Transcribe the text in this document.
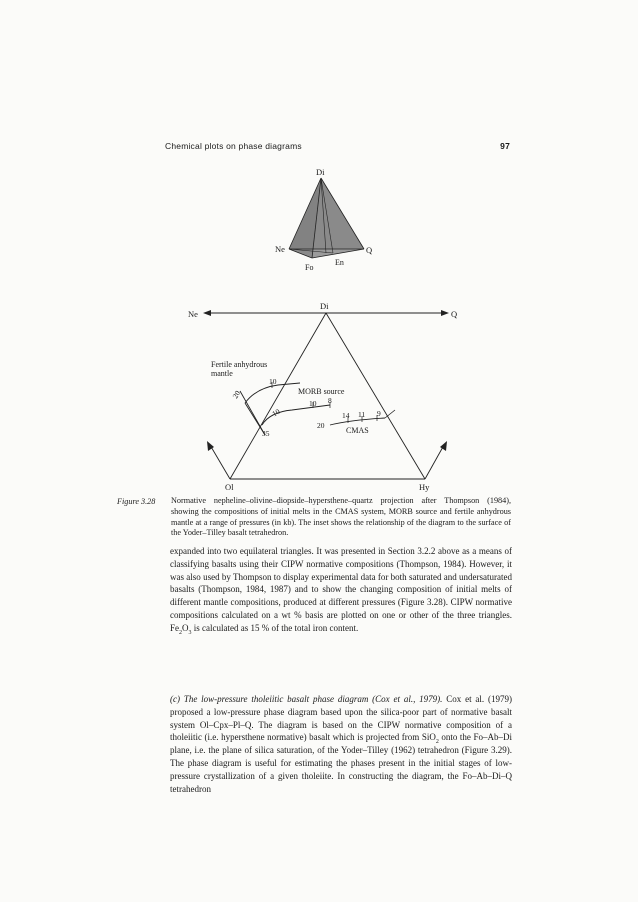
Chemical plots on phase diagrams	97
Di
Ne	Q
Fo
En
Ne
Di
Q
Ol	Hy
Fertile anhydrous
mantle
MORB source
CMAS
10
20
35
10
10 8
14 11 9
20
Figure 3.28 Normative nepheline–olivine–diopside–hypersthene–quartz projection after Thompson (1984), showing the compositions of initial melts in the CMAS system, MORB source and fertile anhydrous mantle at a range of pressures (in kb). The inset shows the relationship of the diagram to the surface of the Yoder–Tilley basalt tetrahedron.
expanded into two equilateral triangles. It was presented in Section 3.2.2 above as a means of classifying basalts using their CIPW normative compositions (Thompson, 1984). However, it was also used by Thompson to display experimental data for both saturated and undersaturated basalts (Thompson, 1984, 1987) and to show the changing composition of initial melts of different mantle compositions, produced at different pressures (Figure 3.28). CIPW normative compositions calculated on a wt % basis are plotted on one or other of the three triangles. $Fe_2O_3$ is calculated as 15 % of the total iron content.
(c) The low-pressure tholeiitic basalt phase diagram (Cox et al., 1979). Cox et al. (1979) proposed a low-pressure phase diagram based upon the silica-poor part of normative basalt system Ol–Cpx–Pl–Q. The diagram is based on the CIPW normative composition of a tholeiitic (i.e. hypersthene normative) basalt which is projected from SiO$_2$ onto the Fo–Ab–Di plane, i.e. the plane of silica saturation, of the Yoder–Tilley (1962) tetrahedron (Figure 3.29). The phase diagram is useful for estimating the phases present in the initial stages of low-pressure crystallization of a given tholeiite. In constructing the diagram, the Fo–Ab–Di–Q tetrahedron
